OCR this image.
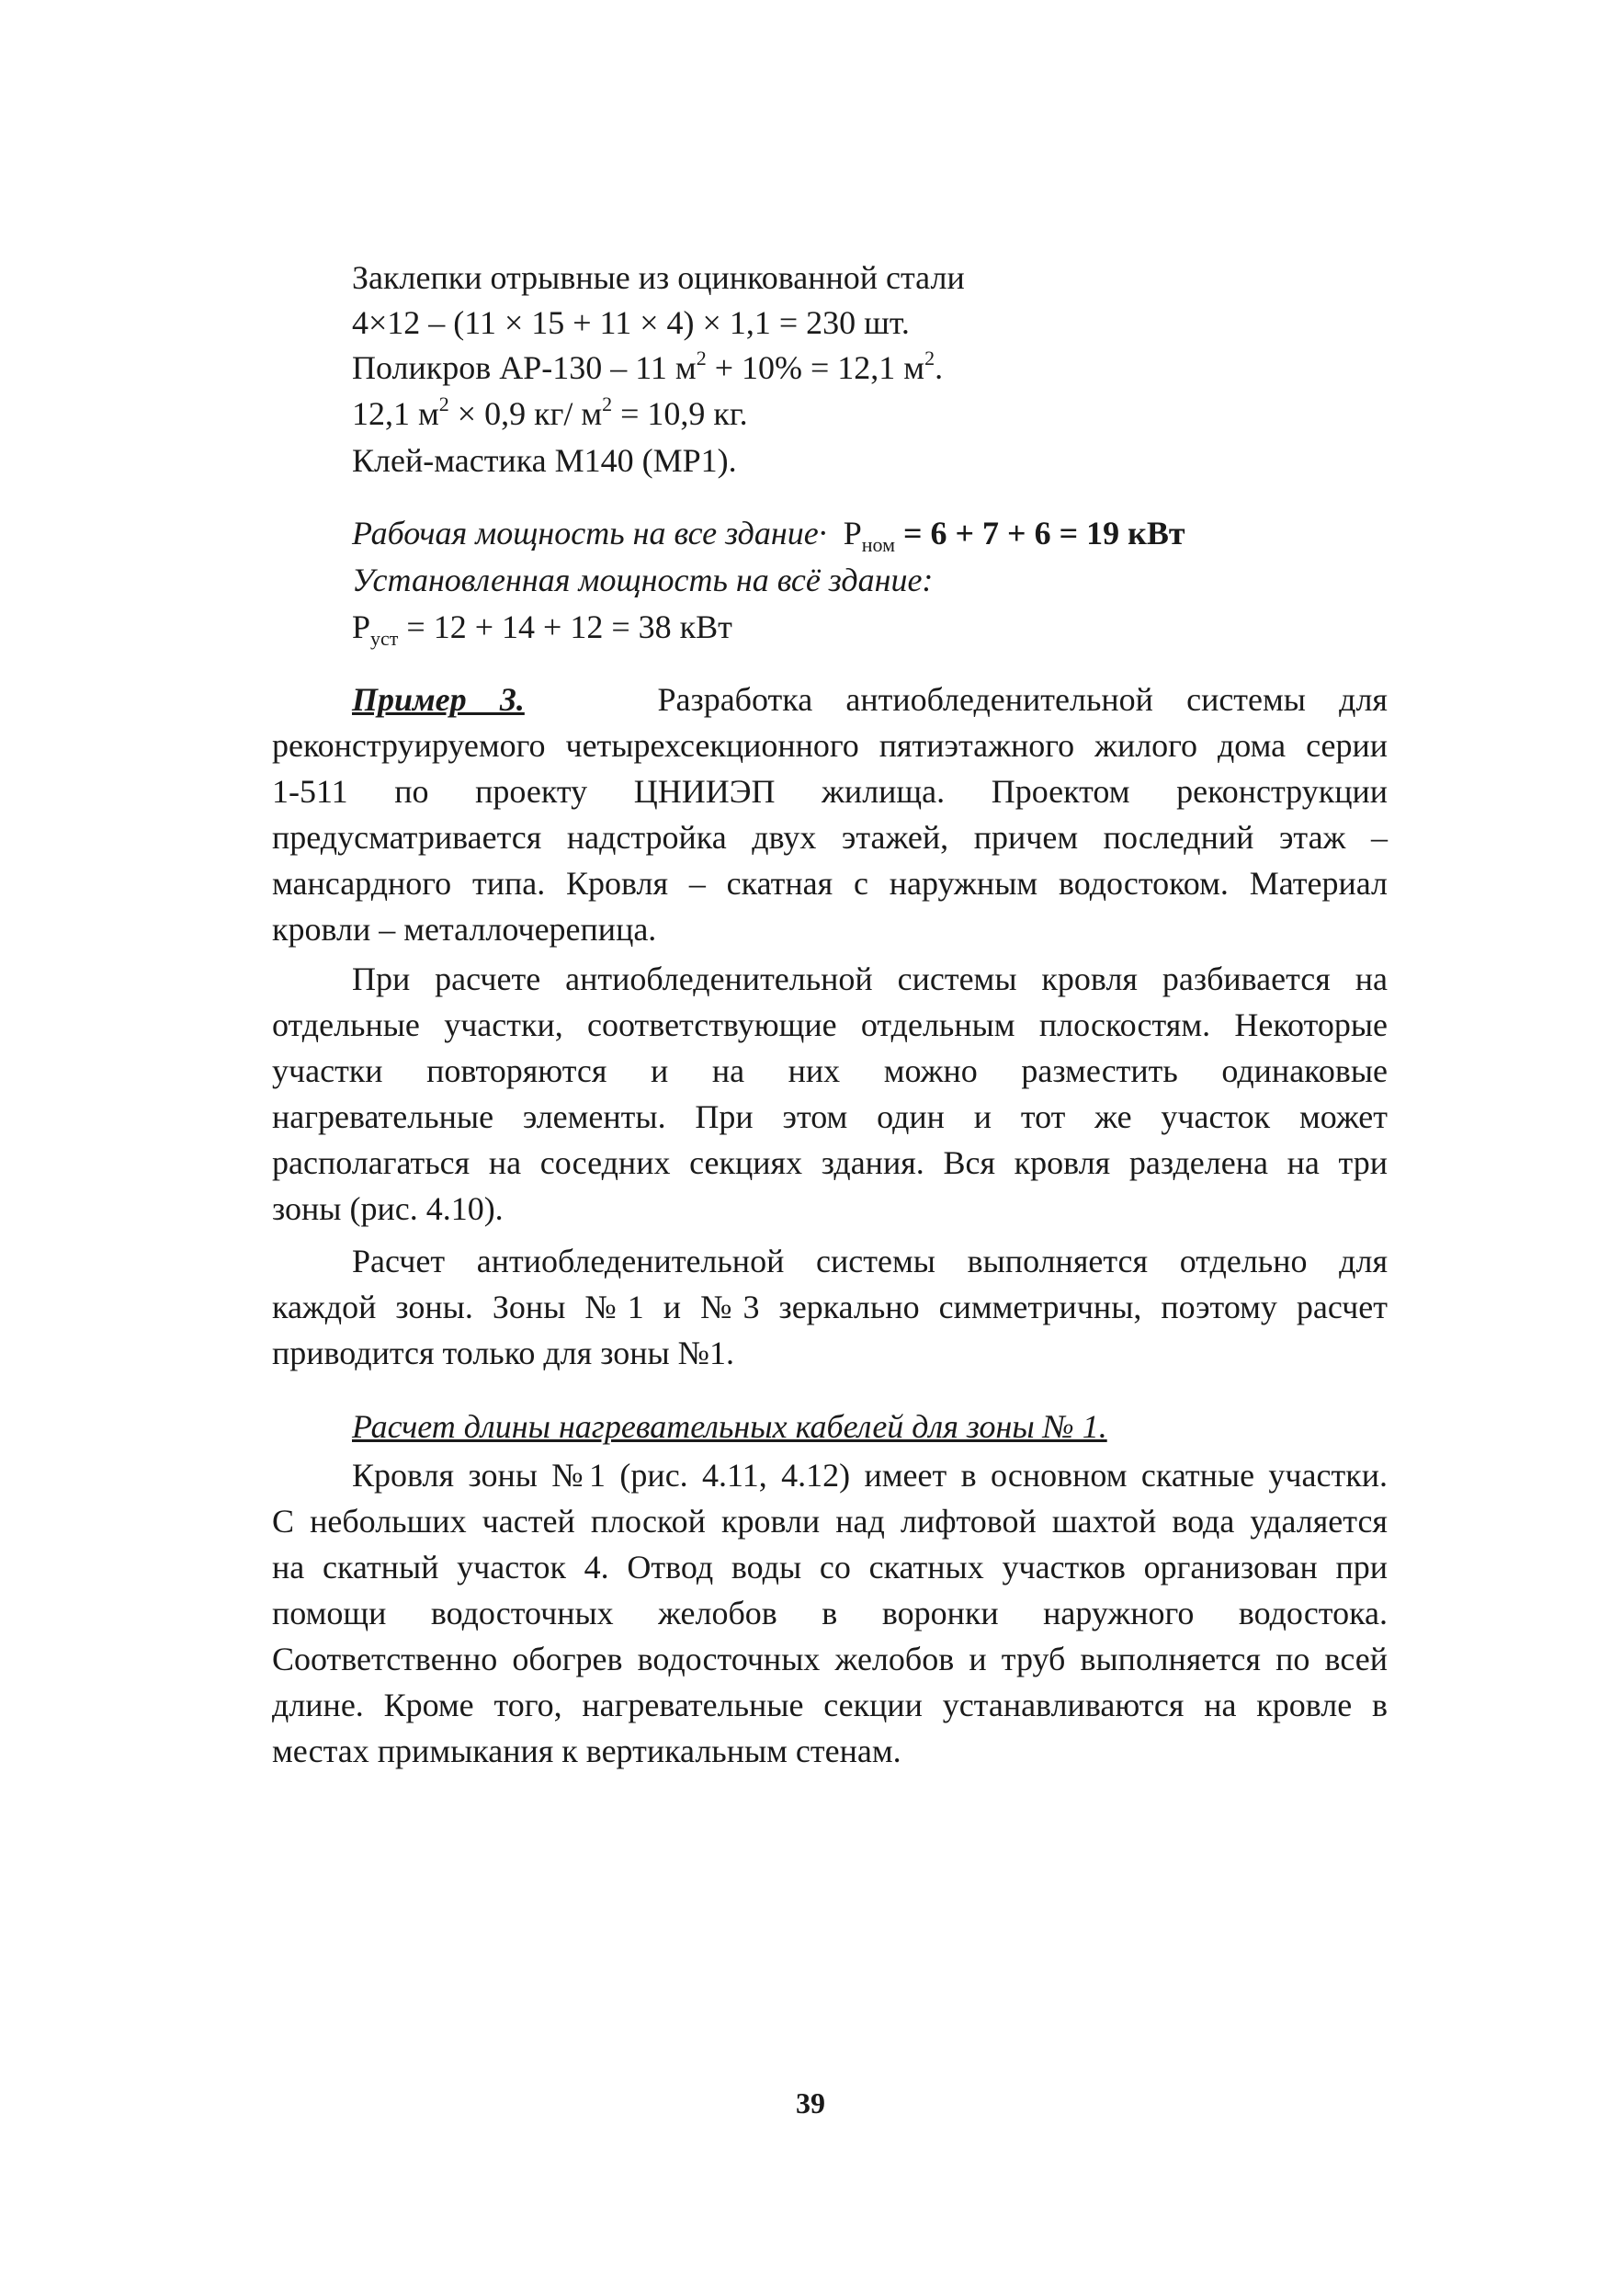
Заклепки отрывные из оцинкованной стали
4×12 – (11 × 15 + 11 × 4) × 1,1 = 230 шт.
Поликров АР-130 – 11 $м^2 + 10\% = 12,1$ $м^2$.
12,1 $м^2 \times 0,9$ кг/ $м^2 = 10,9$ кг.
Клей-мастика М140 (МР1).
Рабочая мощность на все здание· $P_{ном} = 6 + 7 + 6 = 19$ кВт
Установленная мощность на всё здание:
$P_{уст} = 12 + 14 + 12 = 38$ кВт
Пример 3.	Разработка антиобледенительной системы для
реконструируемого четырехсекционного пятиэтажного жилого дома серии
1-511 по проекту ЦНИИЭП жилища. Проектом реконструкции
предусматривается надстройка двух этажей, причем последний этаж –
мансардного типа. Кровля – скатная с наружным водостоком. Материал
кровли – металлочерепица.
При расчете антиобледенительной системы кровля разбивается на
отдельные участки, соответствующие отдельным плоскостям. Некоторые
участки повторяются и на них можно разместить одинаковые
нагревательные элементы. При этом один и тот же участок может
располагаться на соседних секциях здания. Вся кровля разделена на три
зоны (рис. 4.10).
Расчет антиобледенительной системы выполняется отдельно для
каждой зоны. Зоны №1 и №3 зеркально симметричны, поэтому расчет
приводится только для зоны №1.
Расчет длины нагревательных кабелей для зоны № 1.
Кровля зоны №1 (рис. 4.11, 4.12) имеет в основном скатные участки.
С небольших частей плоской кровли над лифтовой шахтой вода удаляется
на скатный участок 4. Отвод воды со скатных участков организован при
помощи водосточных желобов в воронки наружного водостока.
Соответственно обогрев водосточных желобов и труб выполняется по всей
длине. Кроме того, нагревательные секции устанавливаются на кровле в
местах примыкания к вертикальным стенам.
39
